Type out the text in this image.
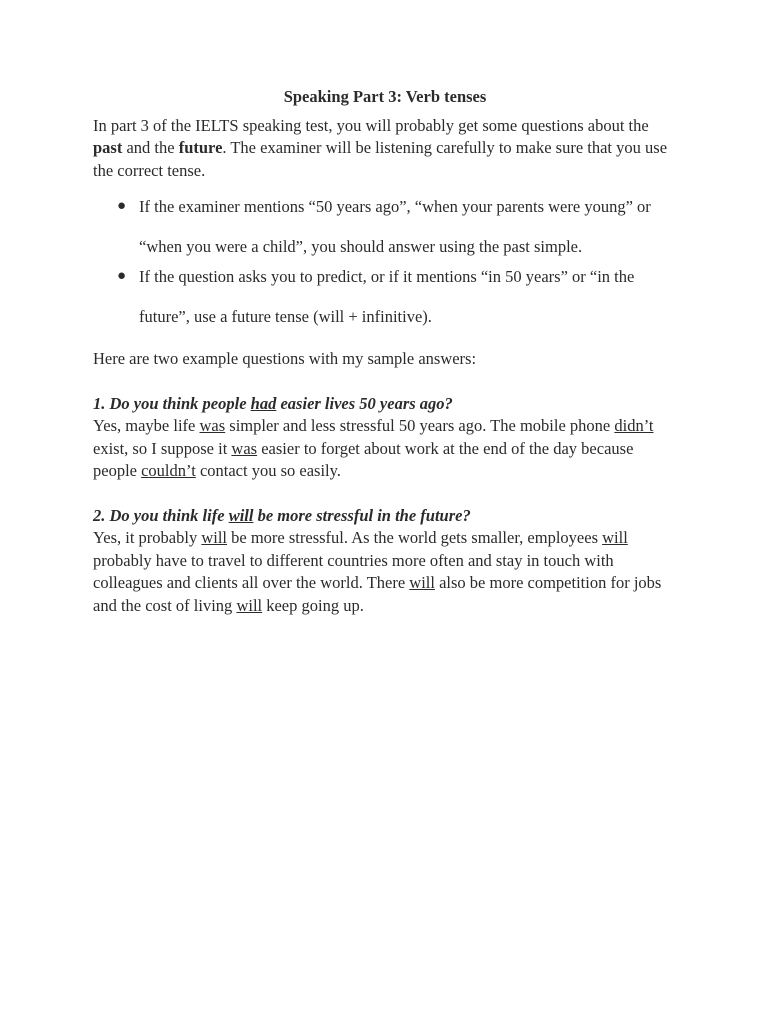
Speaking Part 3: Verb tenses

In part 3 of the IELTS speaking test, you will probably get some questions about the past and the future. The examiner will be listening carefully to make sure that you use the correct tense.

● If the examiner mentions “50 years ago”, “when your parents were young” or “when you were a child”, you should answer using the past simple.
● If the question asks you to predict, or if it mentions “in 50 years” or “in the future”, use a future tense (will + infinitive).

Here are two example questions with my sample answers:

1. Do you think people had easier lives 50 years ago?

Yes, maybe life was simpler and less stressful 50 years ago. The mobile phone didn’t exist, so I suppose it was easier to forget about work at the end of the day because people couldn’t contact you so easily.

2. Do you think life will be more stressful in the future?

Yes, it probably will be more stressful. As the world gets smaller, employees will probably have to travel to different countries more often and stay in touch with colleagues and clients all over the world. There will also be more competition for jobs and the cost of living will keep going up.
